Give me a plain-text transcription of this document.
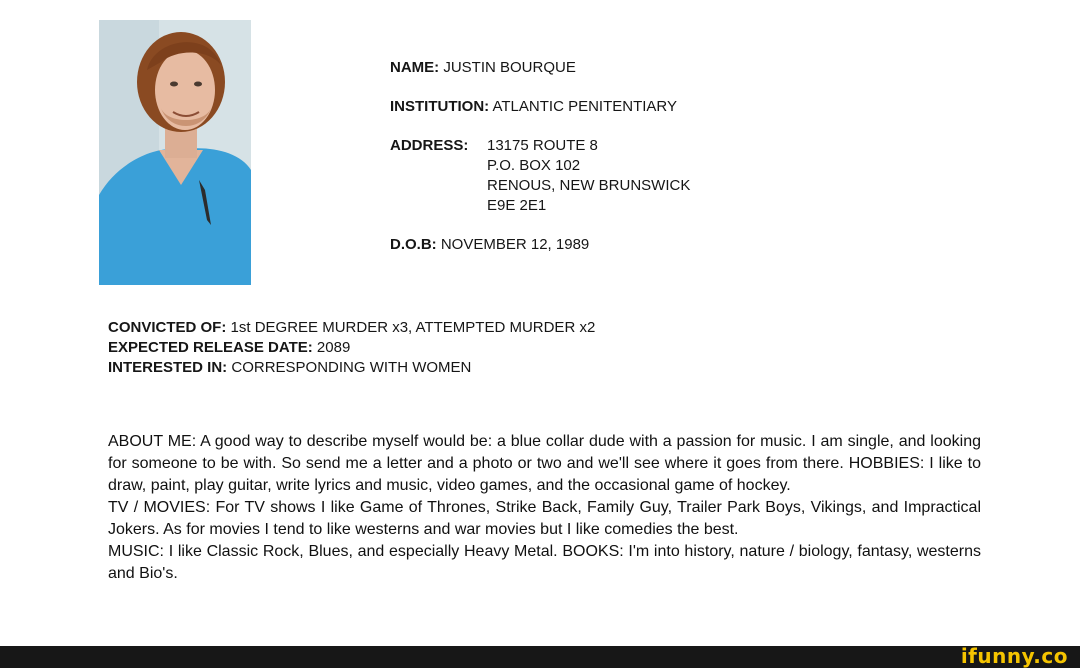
NAME: JUSTIN BOURQUE
INSTITUTION: ATLANTIC PENITENTIARY
ADDRESS: 13175 ROUTE 8
P.O. BOX 102
RENOUS, NEW BRUNSWICK
E9E 2E1
D.O.B: NOVEMBER 12, 1989
CONVICTED OF: 1st DEGREE MURDER x3, ATTEMPTED MURDER x2
EXPECTED RELEASE DATE: 2089
INTERESTED IN: CORRESPONDING WITH WOMEN

ABOUT ME: A good way to describe myself would be: a blue collar dude with a passion for music. I am single, and looking for someone to be with. So send me a letter and a photo or two and we'll see where it goes from there. HOBBIES: I like to draw, paint, play guitar, write lyrics and music, video games, and the occasional game of hockey.

TV / MOVIES: For TV shows I like Game of Thrones, Strike Back, Family Guy, Trailer Park Boys, Vikings, and Impractical Jokers. As for movies I tend to like westerns and war movies but I like comedies the best.

MUSIC: I like Classic Rock, Blues, and especially Heavy Metal. BOOKS: I'm into history, nature / biology, fantasy, westerns and Bio's.

ifunny.co
